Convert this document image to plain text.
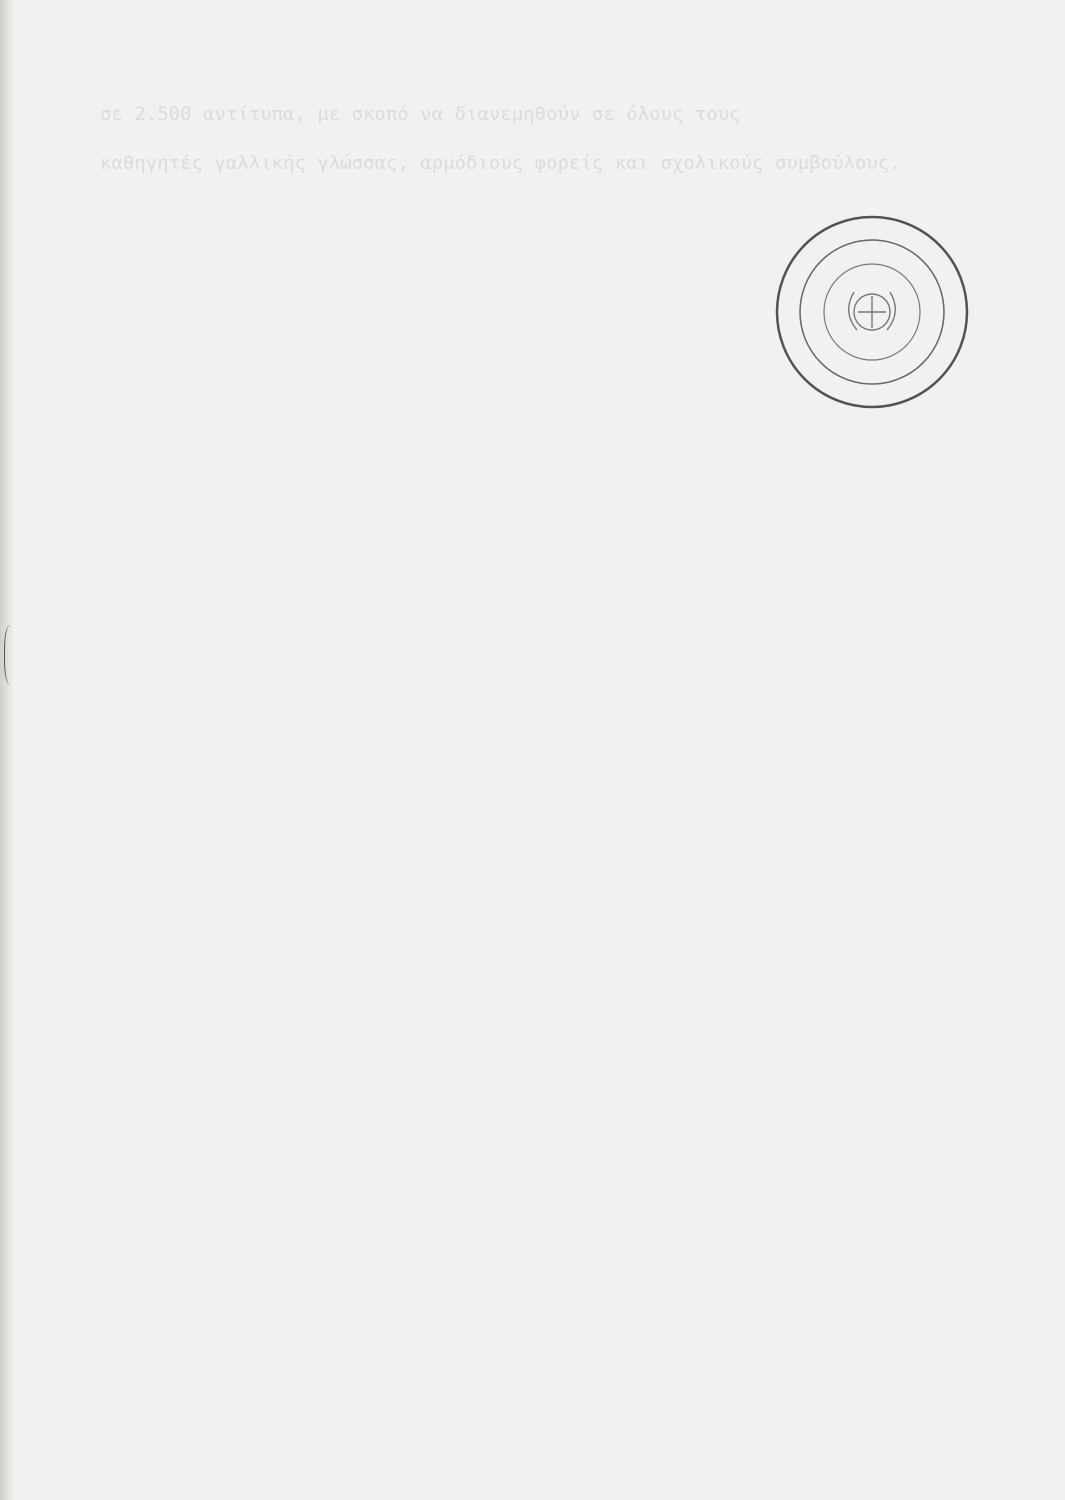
σε 2.500 αντίτυπα, με σκοπό να διανεμηθούν σε όλους τους
καθηγητές γαλλικής γλώσσας, αρμόδιους φορείς και σχολικούς συμβούλους.
